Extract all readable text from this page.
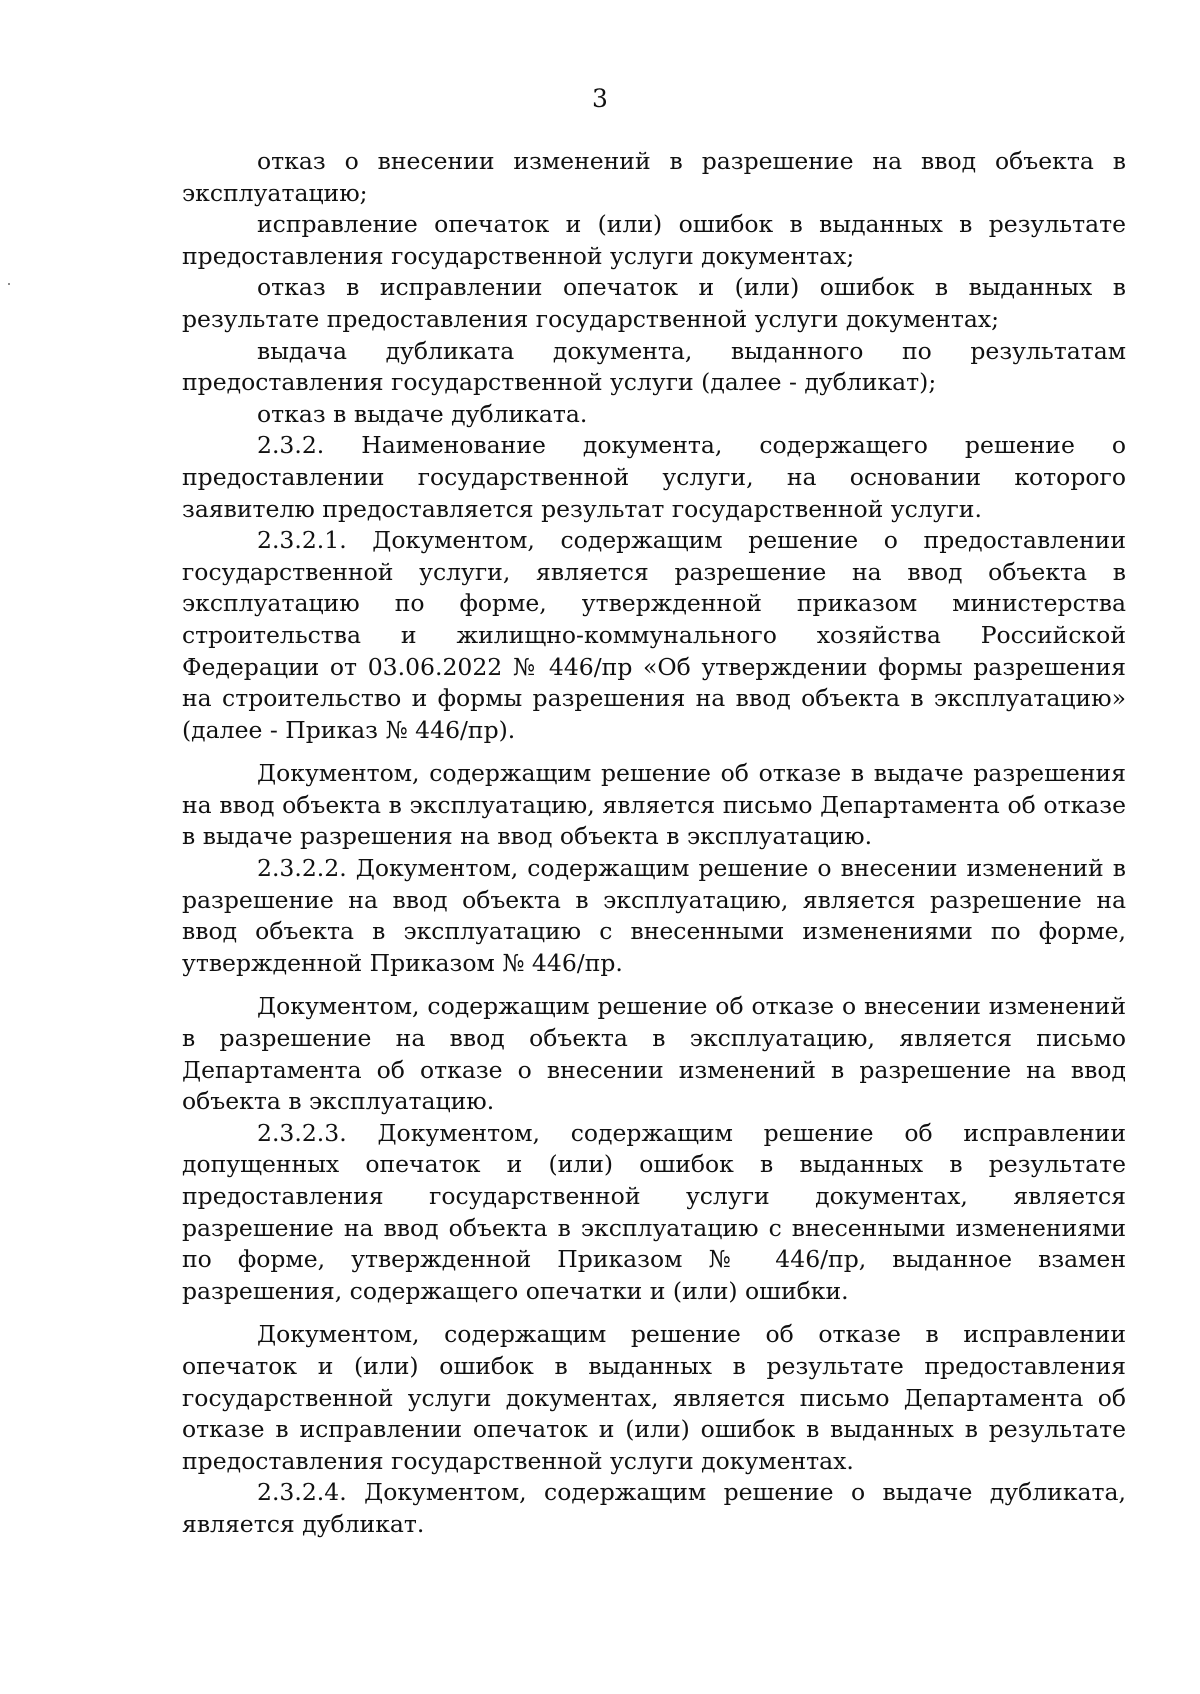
3

отказ о внесении изменений в разрешение на ввод объекта в эксплуатацию;

исправление опечаток и (или) ошибок в выданных в результате предоставления государственной услуги документах;

отказ в исправлении опечаток и (или) ошибок в выданных в результате предоставления государственной услуги документах;

выдача дубликата документа, выданного по результатам предоставления государственной услуги (далее - дубликат);

отказ в выдаче дубликата.

2.3.2. Наименование документа, содержащего решение о предоставлении государственной услуги, на основании которого заявителю предоставляется результат государственной услуги.

2.3.2.1. Документом, содержащим решение о предоставлении государственной услуги, является разрешение на ввод объекта в эксплуатацию по форме, утвержденной приказом министерства строительства и жилищно-коммунального хозяйства Российской Федерации от 03.06.2022 № 446/пр «Об утверждении формы разрешения на строительство и формы разрешения на ввод объекта в эксплуатацию» (далее - Приказ № 446/пр).

Документом, содержащим решение об отказе в выдаче разрешения на ввод объекта в эксплуатацию, является письмо Департамента об отказе в выдаче разрешения на ввод объекта в эксплуатацию.

2.3.2.2. Документом, содержащим решение о внесении изменений в разрешение на ввод объекта в эксплуатацию, является разрешение на ввод объекта в эксплуатацию с внесенными изменениями по форме, утвержденной Приказом № 446/пр.

Документом, содержащим решение об отказе о внесении изменений в разрешение на ввод объекта в эксплуатацию, является письмо Департамента об отказе о внесении изменений в разрешение на ввод объекта в эксплуатацию.

2.3.2.3. Документом, содержащим решение об исправлении допущенных опечаток и (или) ошибок в выданных в результате предоставления государственной услуги документах, является разрешение на ввод объекта в эксплуатацию с внесенными изменениями по форме, утвержденной Приказом № 446/пр, выданное взамен разрешения, содержащего опечатки и (или) ошибки.

Документом, содержащим решение об отказе в исправлении опечаток и (или) ошибок в выданных в результате предоставления государственной услуги документах, является письмо Департамента об отказе в исправлении опечаток и (или) ошибок в выданных в результате предоставления государственной услуги документах.

2.3.2.4. Документом, содержащим решение о выдаче дубликата, является дубликат.
